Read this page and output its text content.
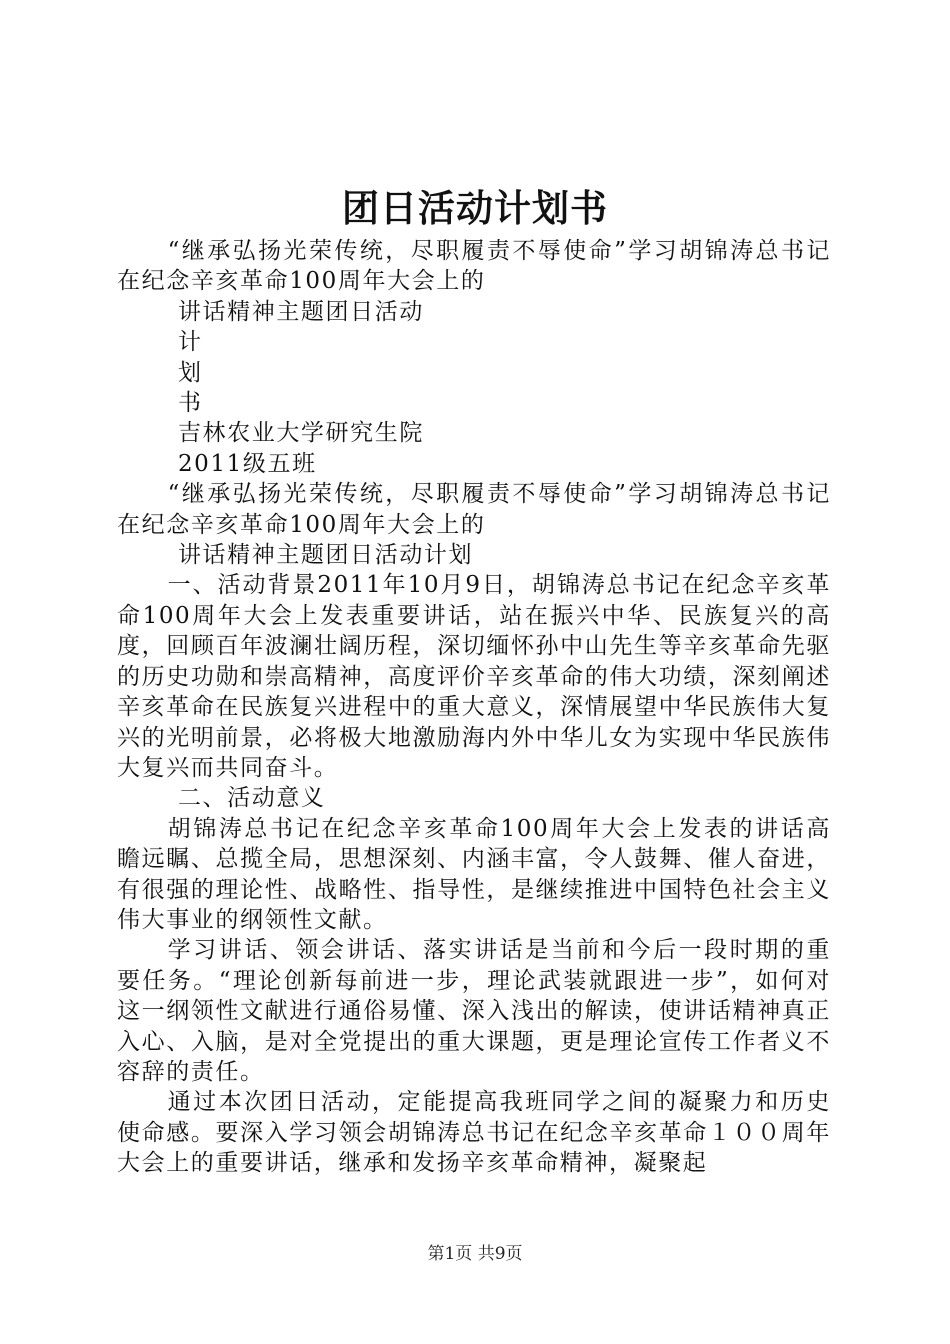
团日活动计划书

“继承弘扬光荣传统，尽职履责不辱使命”学习胡锦涛总书记在纪念辛亥革命100周年大会上的

讲话精神主题团日活动

计

划

书

吉林农业大学研究生院

2011级五班

“继承弘扬光荣传统，尽职履责不辱使命”学习胡锦涛总书记在纪念辛亥革命100周年大会上的

讲话精神主题团日活动计划

一、活动背景2011年10月9日，胡锦涛总书记在纪念辛亥革命100周年大会上发表重要讲话，站在振兴中华、民族复兴的高度，回顾百年波澜壮阔历程，深切缅怀孙中山先生等辛亥革命先驱的历史功勋和崇高精神，高度评价辛亥革命的伟大功绩，深刻阐述辛亥革命在民族复兴进程中的重大意义，深情展望中华民族伟大复兴的光明前景，必将极大地激励海内外中华儿女为实现中华民族伟大复兴而共同奋斗。

二、活动意义

胡锦涛总书记在纪念辛亥革命100周年大会上发表的讲话高瞻远瞩、总揽全局，思想深刻、内涵丰富，令人鼓舞、催人奋进，有很强的理论性、战略性、指导性，是继续推进中国特色社会主义伟大事业的纲领性文献。

学习讲话、领会讲话、落实讲话是当前和今后一段时期的重要任务。“理论创新每前进一步，理论武装就跟进一步”，如何对这一纲领性文献进行通俗易懂、深入浅出的解读，使讲话精神真正入心、入脑，是对全党提出的重大课题，更是理论宣传工作者义不容辞的责任。

通过本次团日活动，定能提高我班同学之间的凝聚力和历史使命感。要深入学习领会胡锦涛总书记在纪念辛亥革命１００周年大会上的重要讲话，继承和发扬辛亥革命精神，凝聚起

第1页 共9页
